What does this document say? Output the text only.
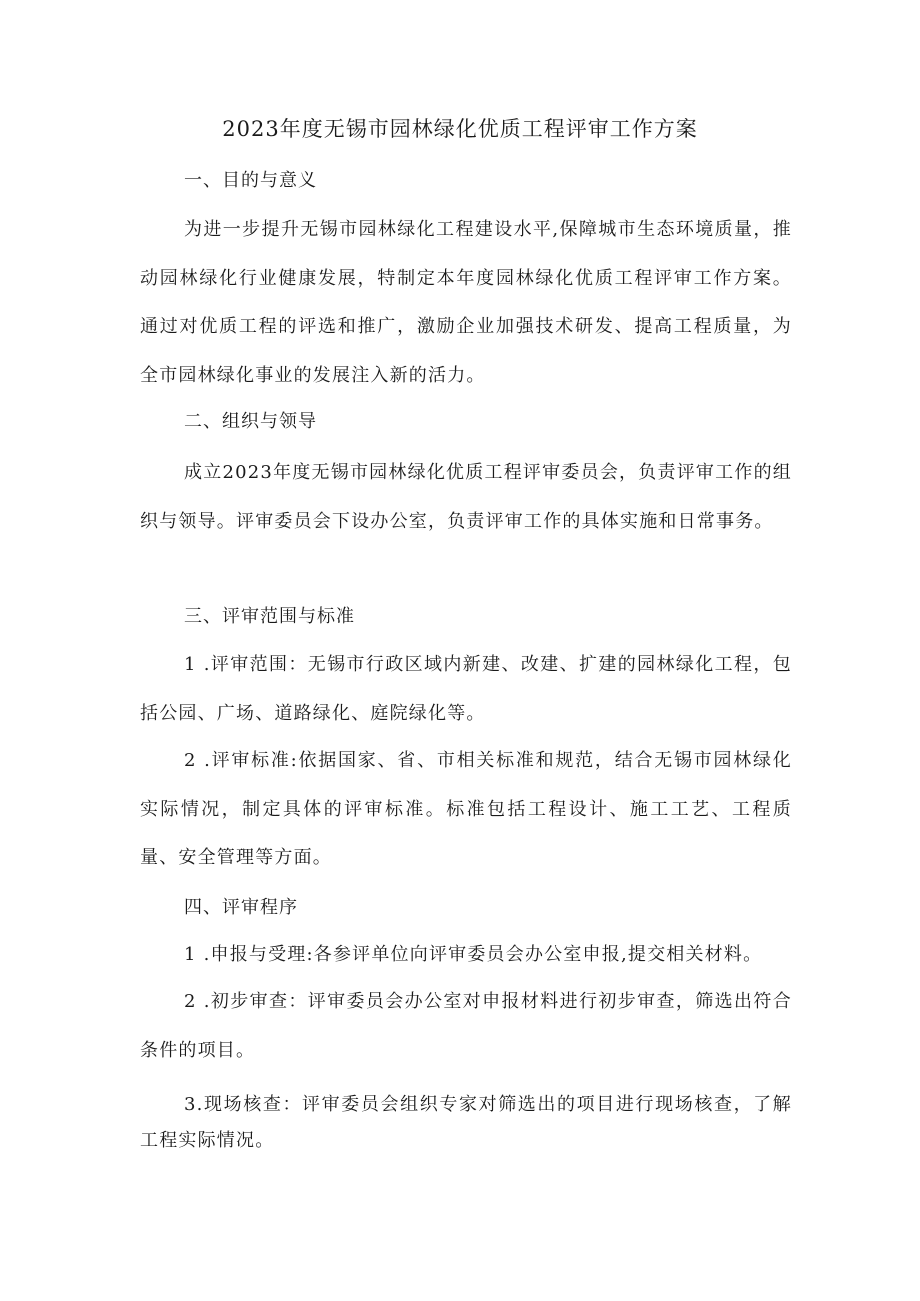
2023年度无锡市园林绿化优质工程评审工作方案
一、目的与意义

为进一步提升无锡市园林绿化工程建设水平,保障城市生态环境质量，推动园林绿化行业健康发展，特制定本年度园林绿化优质工程评审工作方案。通过对优质工程的评选和推广，激励企业加强技术研发、提高工程质量，为全市园林绿化事业的发展注入新的活力。

二、组织与领导

成立2023年度无锡市园林绿化优质工程评审委员会，负责评审工作的组织与领导。评审委员会下设办公室，负责评审工作的具体实施和日常事务。

三、评审范围与标准

1 .评审范围：无锡市行政区域内新建、改建、扩建的园林绿化工程，包括公园、广场、道路绿化、庭院绿化等。

2 .评审标准:依据国家、省、市相关标准和规范，结合无锡市园林绿化实际情况，制定具体的评审标准。标准包括工程设计、施工工艺、工程质量、安全管理等方面。

四、评审程序

1 .申报与受理:各参评单位向评审委员会办公室申报,提交相关材料。

2 .初步审查：评审委员会办公室对申报材料进行初步审查，筛选出符合条件的项目。

3.现场核查：评审委员会组织专家对筛选出的项目进行现场核查，了解工程实际情况。
